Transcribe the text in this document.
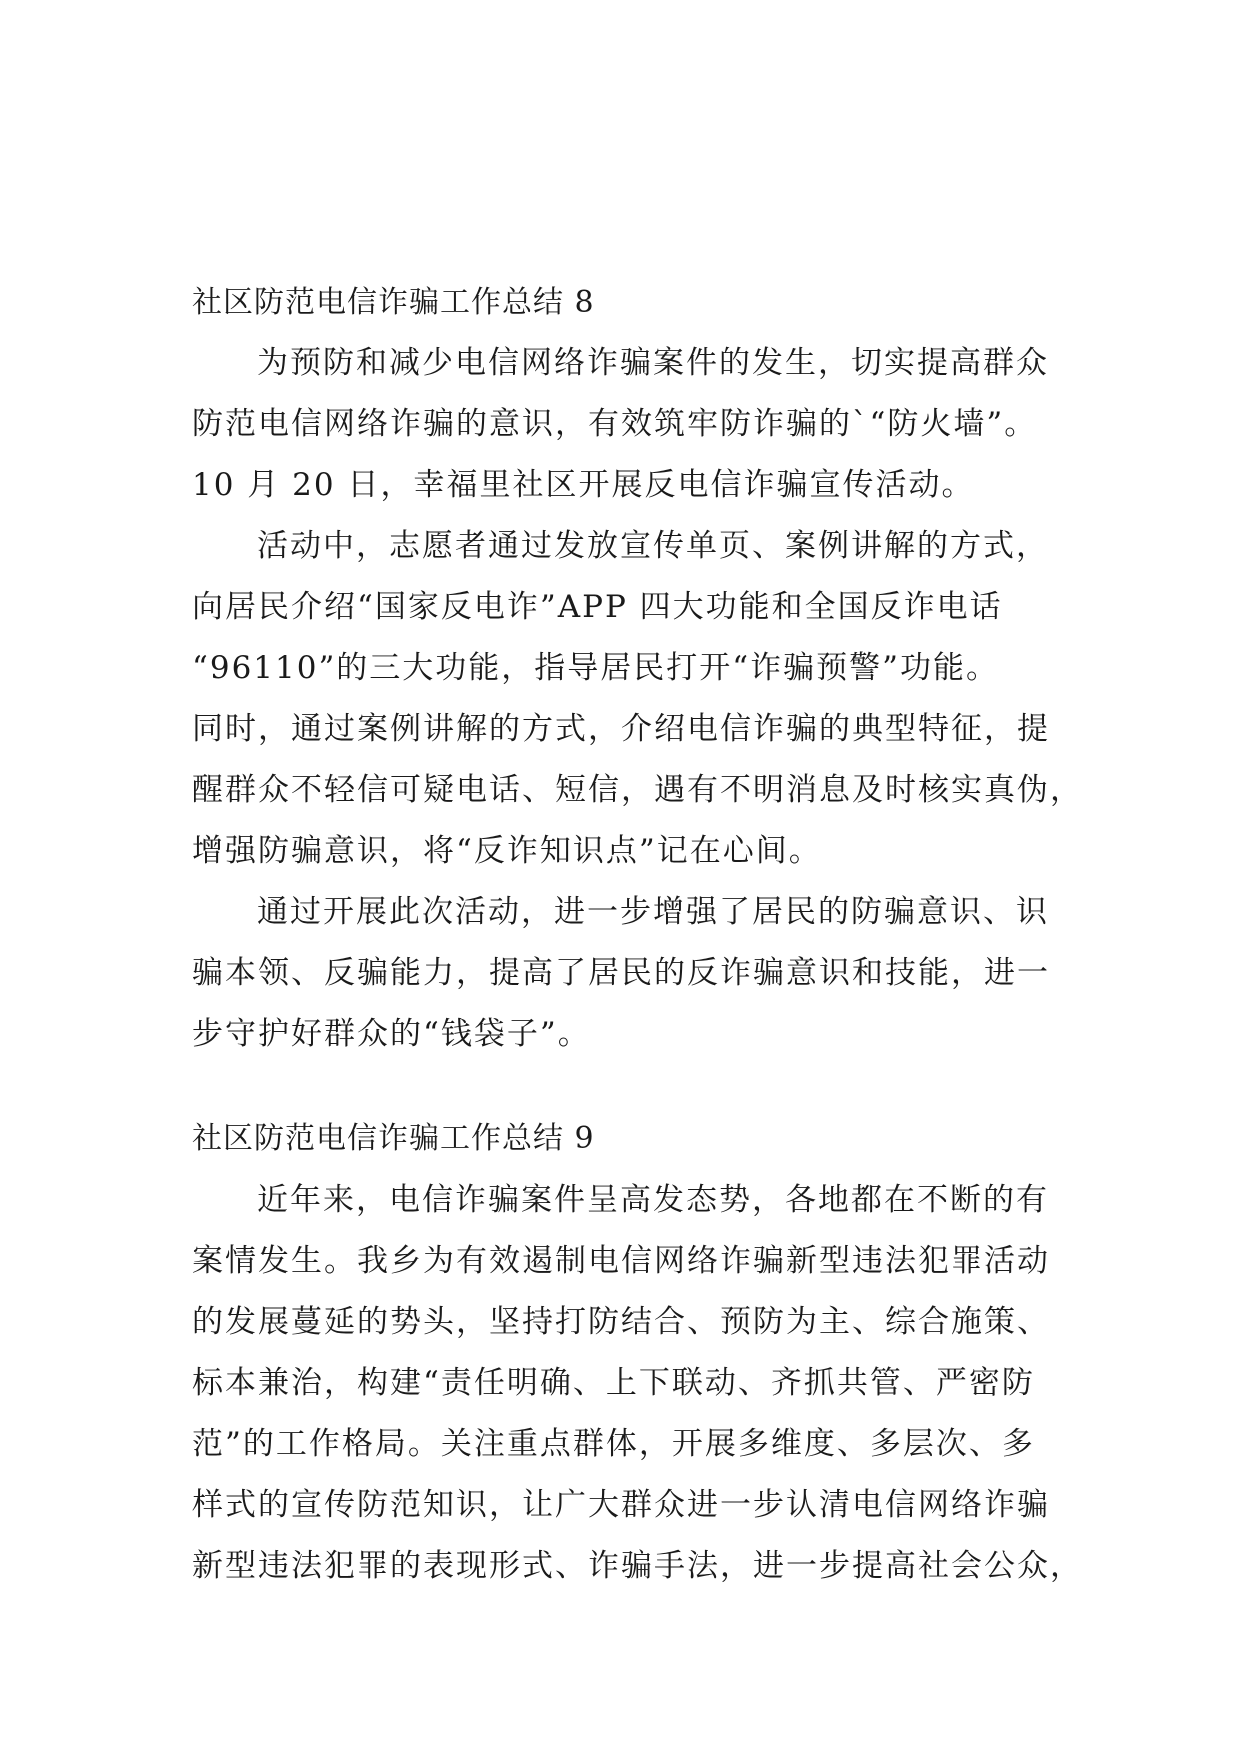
社区防范电信诈骗工作总结 8
为预防和减少电信网络诈骗案件的发生，切实提高群众
防范电信网络诈骗的意识，有效筑牢防诈骗的`“防火墙”。
10 月 20 日，幸福里社区开展反电信诈骗宣传活动。
活动中，志愿者通过发放宣传单页、案例讲解的方式，
向居民介绍“国家反电诈”APP 四大功能和全国反诈电话
“96110”的三大功能，指导居民打开“诈骗预警”功能。
同时，通过案例讲解的方式，介绍电信诈骗的典型特征，提
醒群众不轻信可疑电话、短信，遇有不明消息及时核实真伪，
增强防骗意识，将“反诈知识点”记在心间。
通过开展此次活动，进一步增强了居民的防骗意识、识
骗本领、反骗能力，提高了居民的反诈骗意识和技能，进一
步守护好群众的“钱袋子”。
社区防范电信诈骗工作总结 9
近年来，电信诈骗案件呈高发态势，各地都在不断的有
案情发生。我乡为有效遏制电信网络诈骗新型违法犯罪活动
的发展蔓延的势头，坚持打防结合、预防为主、综合施策、
标本兼治，构建“责任明确、上下联动、齐抓共管、严密防
范”的工作格局。关注重点群体，开展多维度、多层次、多
样式的宣传防范知识，让广大群众进一步认清电信网络诈骗
新型违法犯罪的表现形式、诈骗手法，进一步提高社会公众，
